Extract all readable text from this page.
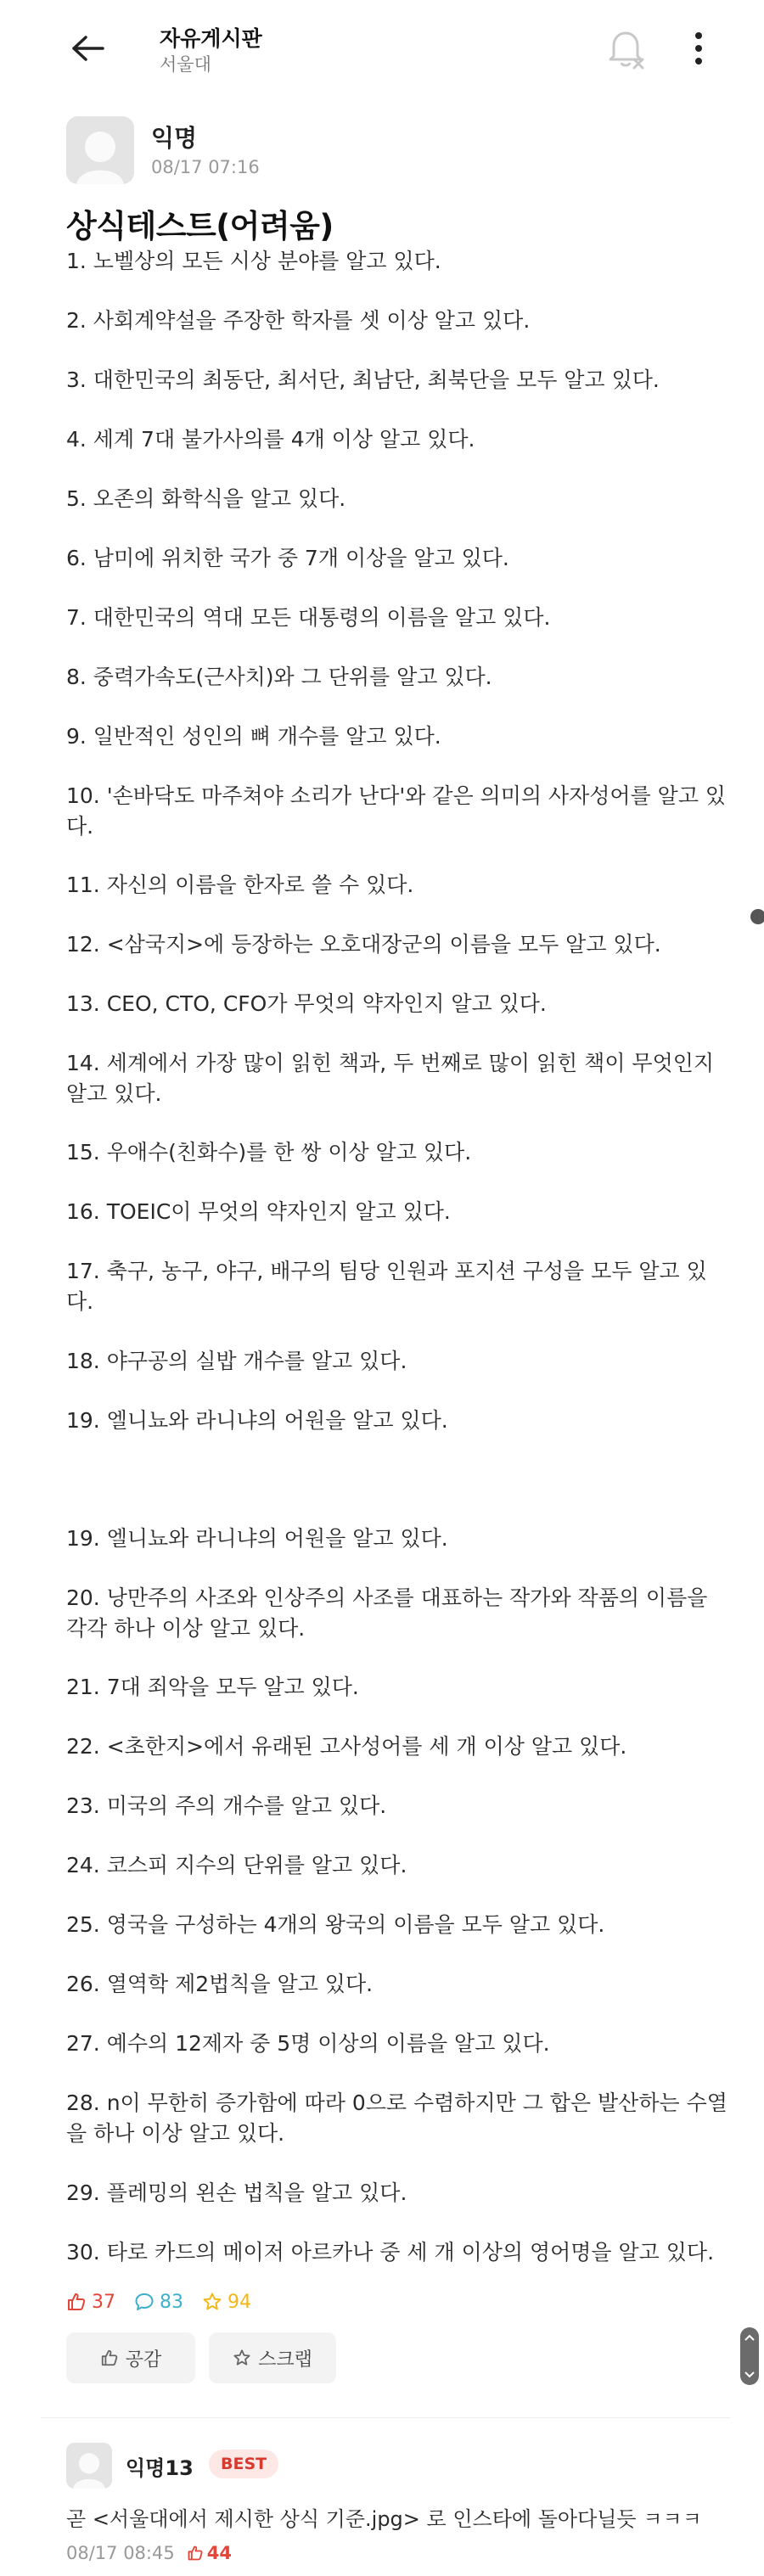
자유게시판
서울대
익명
08/17 07:16
상식테스트(어려움)
1. 노벨상의 모든 시상 분야를 알고 있다.
2. 사회계약설을 주장한 학자를 셋 이상 알고 있다.
3. 대한민국의 최동단, 최서단, 최남단, 최북단을 모두 알고 있다.
4. 세계 7대 불가사의를 4개 이상 알고 있다.
5. 오존의 화학식을 알고 있다.
6. 남미에 위치한 국가 중 7개 이상을 알고 있다.
7. 대한민국의 역대 모든 대통령의 이름을 알고 있다.
8. 중력가속도(근사치)와 그 단위를 알고 있다.
9. 일반적인 성인의 뼈 개수를 알고 있다.
10. '손바닥도 마주쳐야 소리가 난다'와 같은 의미의 사자성어를 알고 있
다.
11. 자신의 이름을 한자로 쓸 수 있다.
12. <삼국지>에 등장하는 오호대장군의 이름을 모두 알고 있다.
13. CEO, CTO, CFO가 무엇의 약자인지 알고 있다.
14. 세계에서 가장 많이 읽힌 책과, 두 번째로 많이 읽힌 책이 무엇인지
알고 있다.
15. 우애수(친화수)를 한 쌍 이상 알고 있다.
16. TOEIC이 무엇의 약자인지 알고 있다.
17. 축구, 농구, 야구, 배구의 팀당 인원과 포지션 구성을 모두 알고 있
다.
18. 야구공의 실밥 개수를 알고 있다.
19. 엘니뇨와 라니냐의 어원을 알고 있다.
19. 엘니뇨와 라니냐의 어원을 알고 있다.
20. 낭만주의 사조와 인상주의 사조를 대표하는 작가와 작품의 이름을
각각 하나 이상 알고 있다.
21. 7대 죄악을 모두 알고 있다.
22. <초한지>에서 유래된 고사성어를 세 개 이상 알고 있다.
23. 미국의 주의 개수를 알고 있다.
24. 코스피 지수의 단위를 알고 있다.
25. 영국을 구성하는 4개의 왕국의 이름을 모두 알고 있다.
26. 열역학 제2법칙을 알고 있다.
27. 예수의 12제자 중 5명 이상의 이름을 알고 있다.
28. n이 무한히 증가함에 따라 0으로 수렴하지만 그 합은 발산하는 수열
을 하나 이상 알고 있다.
29. 플레밍의 왼손 법칙을 알고 있다.
30. 타로 카드의 메이저 아르카나 중 세 개 이상의 영어명을 알고 있다.
37 83 94
공감	스크랩
익명13	BEST
곧 <서울대에서 제시한 상식 기준.jpg> 로 인스타에 돌아다닐듯 ㅋㅋㅋ
08/17 08:45 44
